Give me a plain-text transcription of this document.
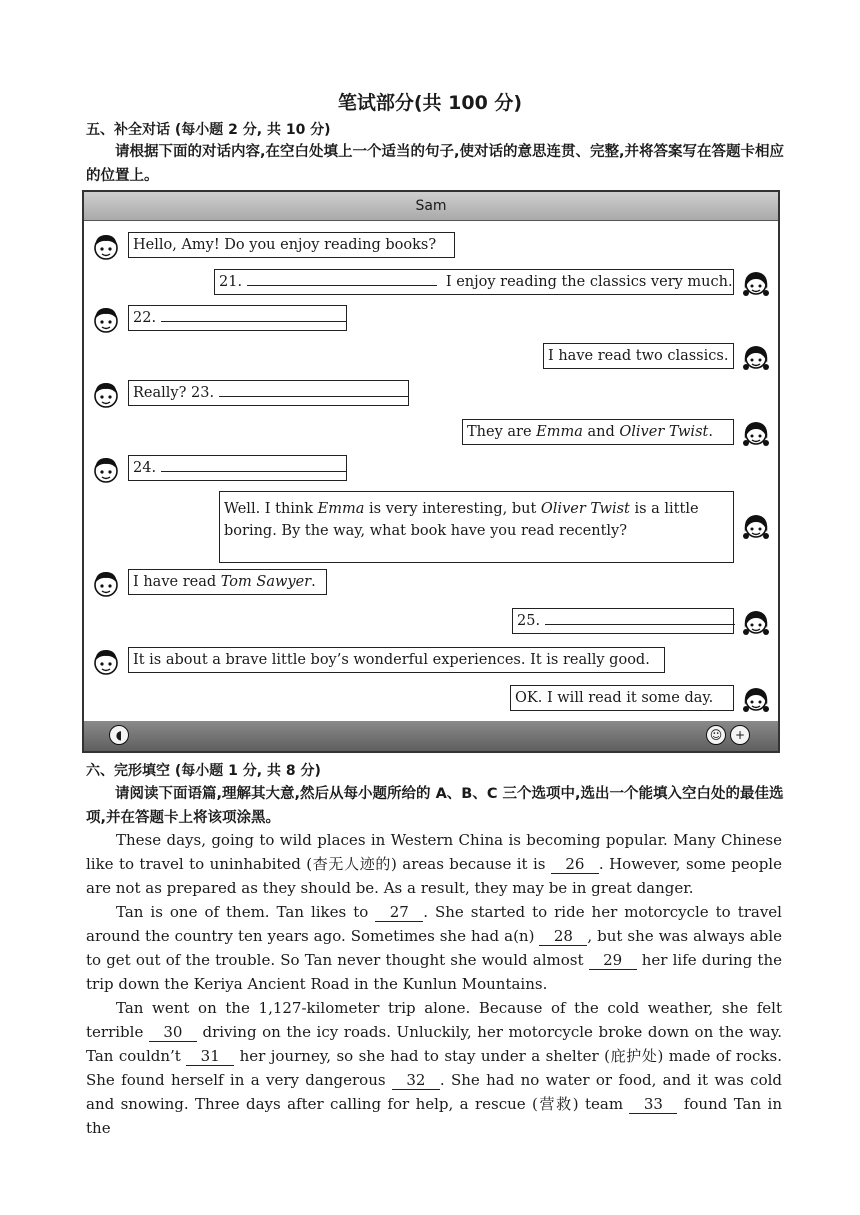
笔试部分(共 100 分)
五、补全对话 (每小题 2 分, 共 10 分)
请根据下面的对话内容,在空白处填上一个适当的句子,使对话的意思连贯、完整,并将答案写在答题卡相应的位置上。
Sam
Hello, Amy! Do you enjoy reading books?
21.	I enjoy reading the classics very much.
22.
I have read two classics.
Really? 23.
They are Emma and Oliver Twist.
24.
Well. I think Emma is very interesting, but Oliver Twist is a little boring. By the way, what book have you read recently?
I have read Tom Sawyer.
25.
It is about a brave little boy’s wonderful experiences. It is really good.
OK. I will read it some day.
◖	☺	+
六、完形填空 (每小题 1 分, 共 8 分)
请阅读下面语篇,理解其大意,然后从每小题所给的 A、B、C 三个选项中,选出一个能填入空白处的最佳选项,并在答题卡上将该项涂黑。

These days, going to wild places in Western China is becoming popular. Many Chinese like to travel to uninhabited (杳无人迹的) areas because it is 26 . However, some people are not as prepared as they should be. As a result, they may be in great danger.

Tan is one of them. Tan likes to 27 . She started to ride her motorcycle to travel around the country ten years ago. Sometimes she had a(n) 28 , but she was always able to get out of the trouble. So Tan never thought she would almost 29 her life during the trip down the Keriya Ancient Road in the Kunlun Mountains.

Tan went on the 1,127-kilometer trip alone. Because of the cold weather, she felt terrible 30 driving on the icy roads. Unluckily, her motorcycle broke down on the way. Tan couldn’t 31 her journey, so she had to stay under a shelter (庇护处) made of rocks. She found herself in a very dangerous 32 . She had no water or food, and it was cold and snowing. Three days after calling for help, a rescue (营救) team 33 found Tan in the
